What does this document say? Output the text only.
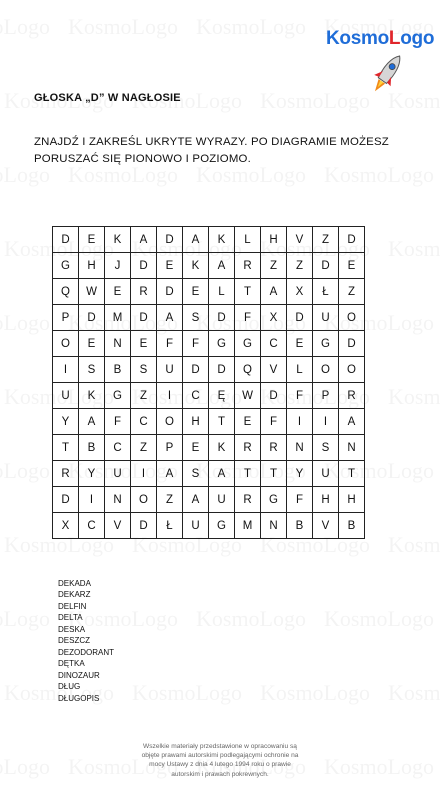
KosmoLogo
GŁOSKA „D” W NAGŁOSIE
ZNAJDŹ I ZAKREŚL UKRYTE WYRAZY. PO DIAGRAMIE MOŻESZ PORUSZAĆ SIĘ PIONOWO I POZIOMO.
D	E	K	A	D	A	K	L	H	V	Z	D
G	H	J	D	E	K	A	R	Z	Z	D	E
Q	W	E	R	D	E	L	T	A	X	Ł	Z
P	D	M	D	A	S	D	F	X	D	U	O
O	E	N	E	F	F	G	G	C	E	G	D
I	S	B	S	U	D	D	Q	V	L	O	O
U	K	G	Z	I	C	Ę	W	D	F	P	R
Y	A	F	C	O	H	T	E	F	I	I	A
T	B	C	Z	P	E	K	R	R	N	S	N
R	Y	U	I	A	S	A	T	T	Y	U	T
D	I	N	O	Z	A	U	R	G	F	H	H
X	C	V	D	Ł	U	G	M	N	B	V	B
DEKADA
DEKARZ
DELFIN
DELTA
DESKA
DESZCZ
DEZODORANT
DĘTKA
DINOZAUR
DŁUG
DŁUGOPIS
Wszelkie materiały przedstawione w opracowaniu są objęte prawami autorskimi podlegającymi ochronie na mocy Ustawy z dnia 4 lutego 1994 roku o prawie autorskim i prawach pokrewnych.
